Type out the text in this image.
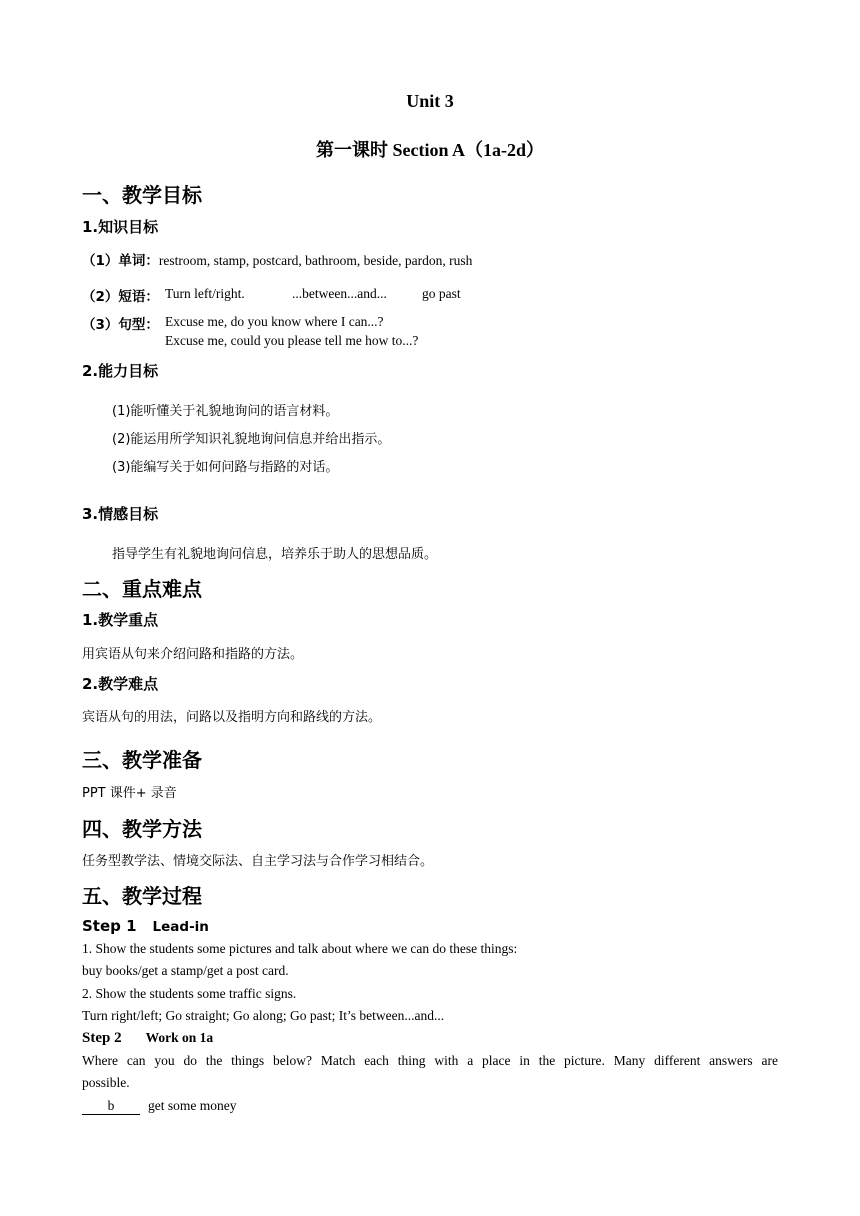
Unit 3
第一课时 Section A（1a-2d）
一、教学目标
1.知识目标
（1）单词：restroom, stamp, postcard, bathroom, beside, pardon, rush
（2）短语： Turn left/right.	...between...and...	go past
（3）句型： Excuse me, do you know where I can...?
Excuse me, could you please tell me how to...?
2.能力目标
(1)能听懂关于礼貌地询问的语言材料。
(2)能运用所学知识礼貌地询问信息并给出指示。
(3)能编写关于如何问路与指路的对话。
3.情感目标
指导学生有礼貌地询问信息，培养乐于助人的思想品质。
二、重点难点
1.教学重点
用宾语从句来介绍问路和指路的方法。
2.教学难点
宾语从句的用法，问路以及指明方向和路线的方法。
三、教学准备
PPT 课件+ 录音
四、教学方法
任务型教学法、情境交际法、自主学习法与合作学习相结合。
五、教学过程
Step 1 Lead-in
1. Show the students some pictures and talk about where we can do these things:
buy books/get a stamp/get a post card.
2. Show the students some traffic signs.
Turn right/left; Go straight; Go along; Go past; It’s between...and...
Step 2 Work on 1a
Where can you do the things below? Match each thing with a place in the picture. Many different answers are
possible.
b get some money
